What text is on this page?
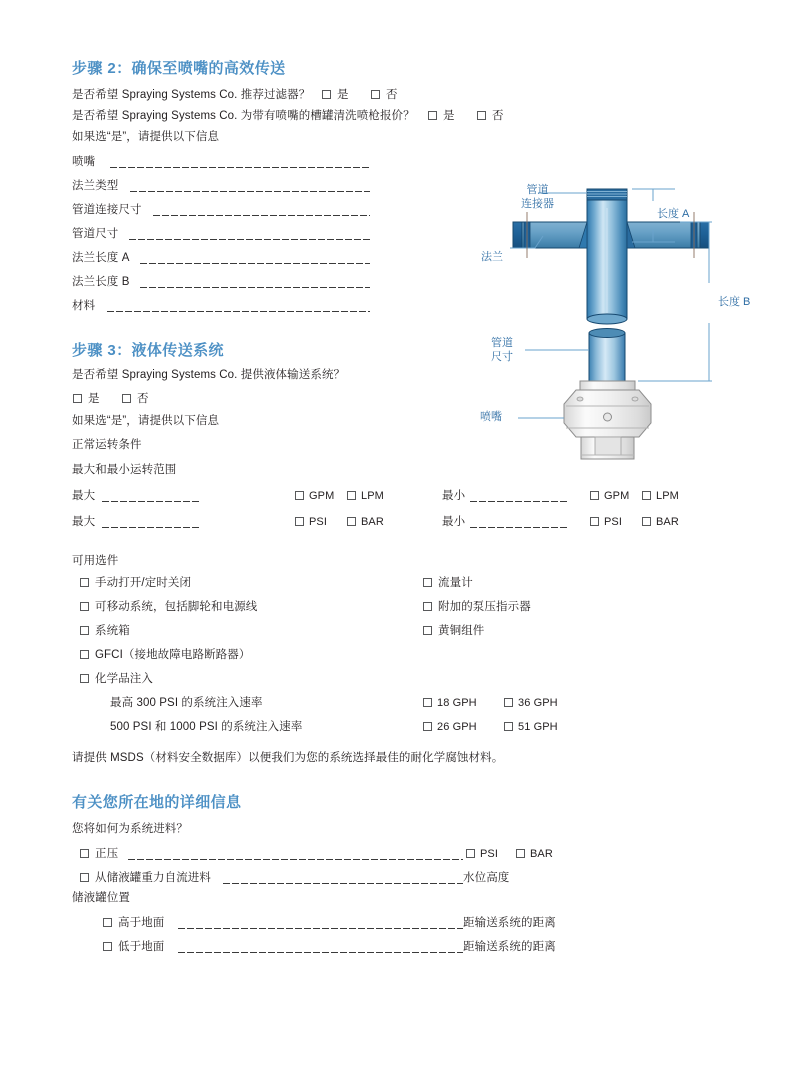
步骤 2：确保至喷嘴的高效传送
是否希望 Spraying Systems Co. 推荐过滤器？ 是	否
是否希望 Spraying Systems Co. 为带有喷嘴的槽罐清洗喷枪报价？ 是	否
如果选“是”，请提供以下信息
喷嘴
法兰类型
管道连接尺寸
管道尺寸
法兰长度 A
法兰长度 B
材料
管道
连接器
法兰
长度 A
长度 B
管道
尺寸
喷嘴
步骤 3：液体传送系统
是否希望 Spraying Systems Co. 提供液体输送系统？
是	否
如果选“是”，请提供以下信息
正常运转条件
最大和最小运转范围
最大	GPM LPM	最小	GPM LPM
最大	PSI	BAR	最小	PSI	BAR
可用选件
手动打开/定时关闭
可移动系统，包括脚轮和电源线
系统箱
GFCI（接地故障电路断路器）
化学品注入
流量计
附加的泵压指示器
黄铜组件
最高 300 PSI 的系统注入速率	18 GPH	36 GPH
500 PSI 和 1000 PSI 的系统注入速率	26 GPH	51 GPH
请提供 MSDS（材料安全数据库）以便我们为您的系统选择最佳的耐化学腐蚀材料。
有关您所在地的详细信息
您将如何为系统进料？
正压	PSI	BAR
从储液罐重力自流进料	水位高度
储液罐位置
高于地面	距输送系统的距离
低于地面	距输送系统的距离
